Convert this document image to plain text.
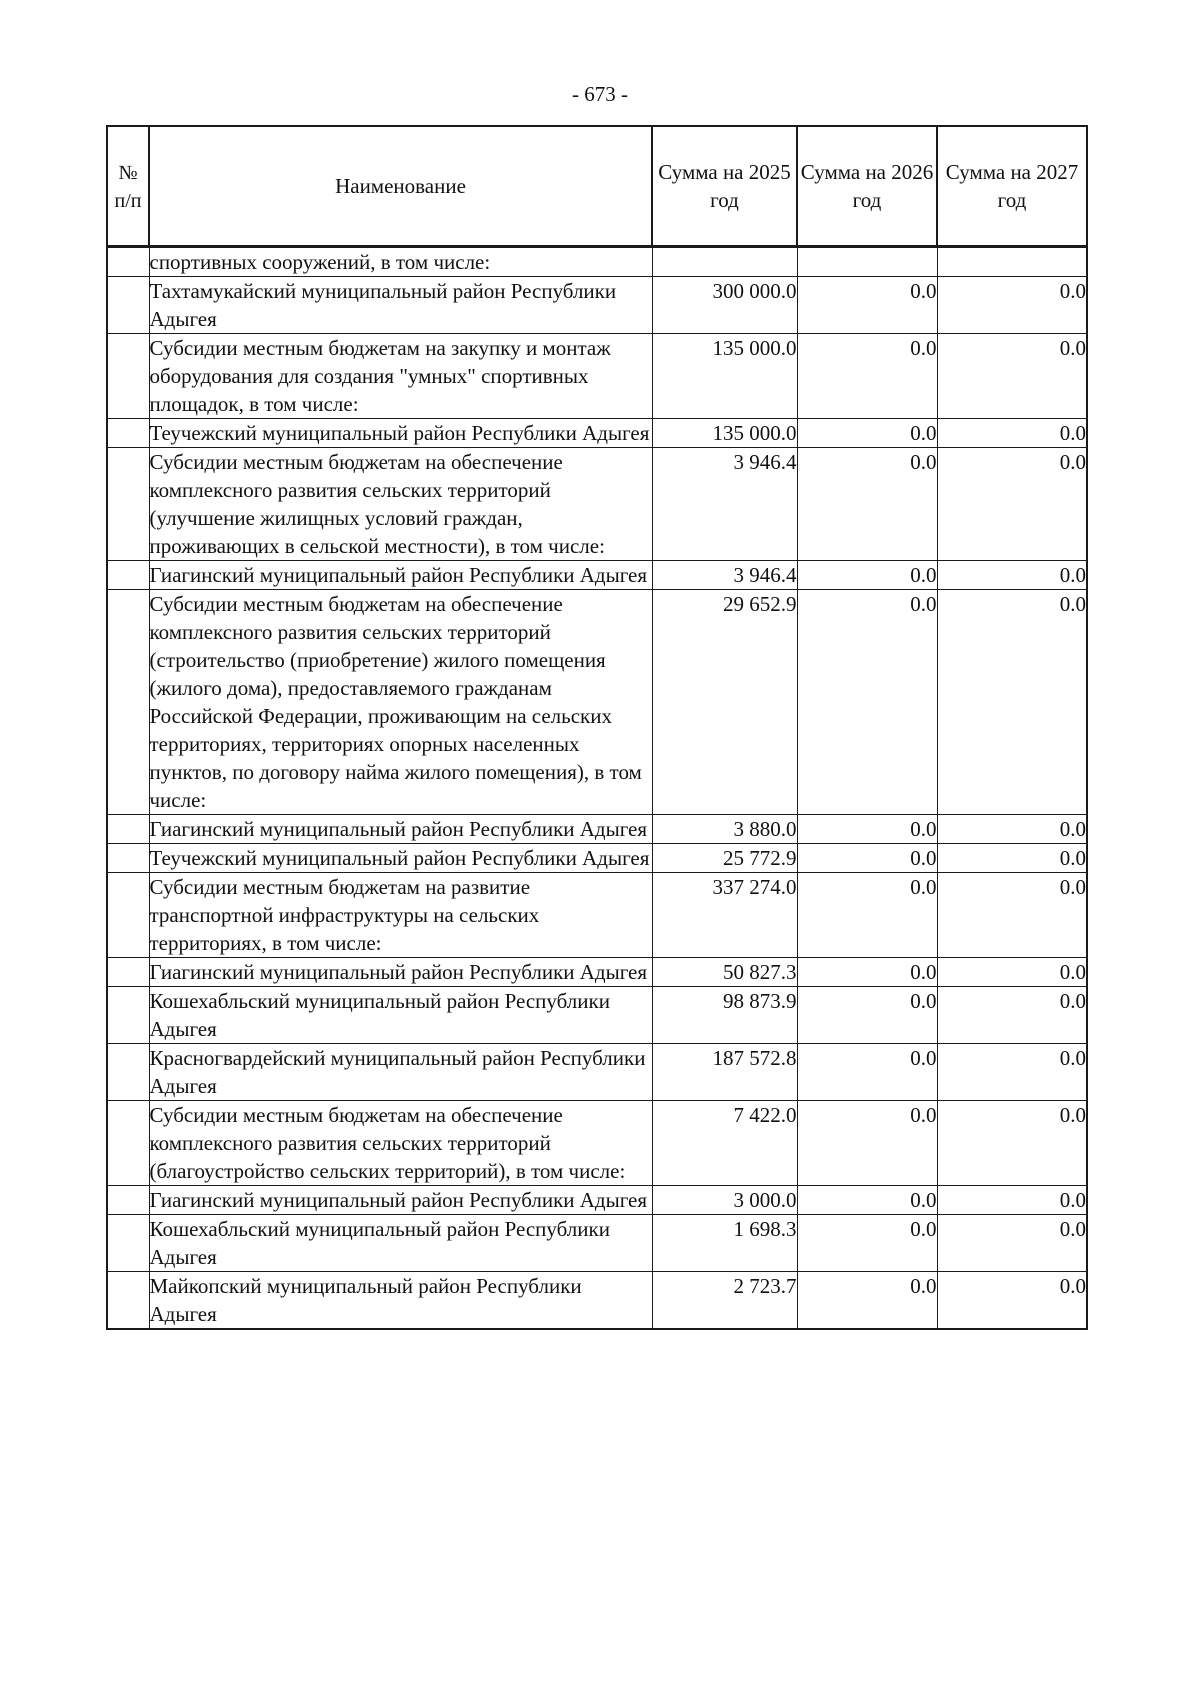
- 673 -
№ п/п	Наименование	Сумма на 2025 год	Сумма на 2026 год	Сумма на 2027 год
	спортивных сооружений, в том числе:			
	Тахтамукайский муниципальный район Республики Адыгея	300 000.0	0.0	0.0
	Субсидии местным бюджетам на закупку и монтаж оборудования для создания "умных" спортивных площадок, в том числе:	135 000.0	0.0	0.0
	Теучежский муниципальный район Республики Адыгея	135 000.0	0.0	0.0
	Субсидии местным бюджетам на обеспечение комплексного развития сельских территорий (улучшение жилищных условий граждан, проживающих в сельской местности), в том числе:	3 946.4	0.0	0.0
	Гиагинский муниципальный район Республики Адыгея	3 946.4	0.0	0.0
	Субсидии местным бюджетам на обеспечение комплексного развития сельских территорий (строительство (приобретение) жилого помещения (жилого дома), предоставляемого гражданам Российской Федерации, проживающим на сельских территориях, территориях опорных населенных пунктов, по договору найма жилого помещения), в том числе:	29 652.9	0.0	0.0
	Гиагинский муниципальный район Республики Адыгея	3 880.0	0.0	0.0
	Теучежский муниципальный район Республики Адыгея	25 772.9	0.0	0.0
	Субсидии местным бюджетам на развитие транспортной инфраструктуры на сельских территориях, в том числе:	337 274.0	0.0	0.0
	Гиагинский муниципальный район Республики Адыгея	50 827.3	0.0	0.0
	Кошехабльский муниципальный район Республики Адыгея	98 873.9	0.0	0.0
	Красногвардейский муниципальный район Республики Адыгея	187 572.8	0.0	0.0
	Субсидии местным бюджетам на обеспечение комплексного развития сельских территорий (благоустройство сельских территорий), в том числе:	7 422.0	0.0	0.0
	Гиагинский муниципальный район Республики Адыгея	3 000.0	0.0	0.0
	Кошехабльский муниципальный район Республики Адыгея	1 698.3	0.0	0.0
	Майкопский муниципальный район Республики Адыгея	2 723.7	0.0	0.0
